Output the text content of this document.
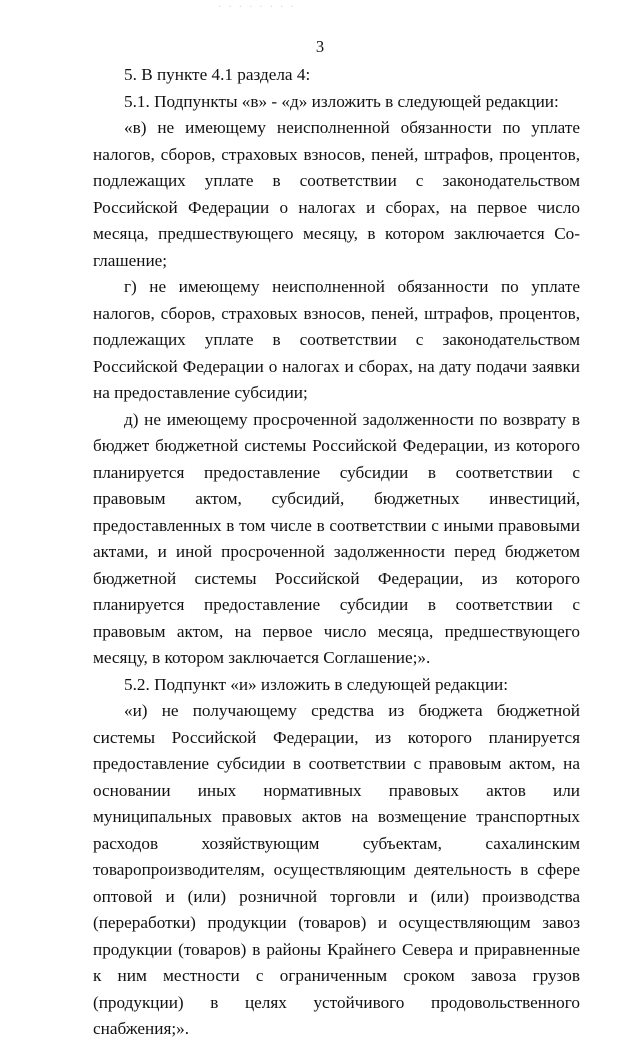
· · · · · · · ·
3

5. В пункте 4.1 раздела 4:

5.1. Подпункты «в» - «д» изложить в следующей редакции:

«в) не имеющему неисполненной обязанности по уплате налогов, сборов, страховых взносов, пеней, штрафов, процентов, подлежащих уплате в соответствии с законодательством Российской Федерации о налогах и сборах, на первое число месяца, предшествующего месяцу, в котором заключается Соглашение;

г) не имеющему неисполненной обязанности по уплате налогов, сборов, страховых взносов, пеней, штрафов, процентов, подлежащих уплате в соответствии с законодательством Российской Федерации о налогах и сборах, на дату подачи заявки на предоставление субсидии;

д) не имеющему просроченной задолженности по возврату в бюджет бюджетной системы Российской Федерации, из которого планируется предоставление субсидии в соответствии с правовым актом, субсидий, бюджетных инвестиций, предоставленных в том числе в соответствии с иными правовыми актами, и иной просроченной задолженности перед бюджетом бюджетной системы Российской Федерации, из которого планируется предоставление субсидии в соответствии с правовым актом, на первое число месяца, предшествующего месяцу, в котором заключается Соглашение;».

5.2. Подпункт «и» изложить в следующей редакции:

«и) не получающему средства из бюджета бюджетной системы Российской Федерации, из которого планируется предоставление субсидии в соответствии с правовым актом, на основании иных нормативных правовых актов или муниципальных правовых актов на возмещение транспортных расходов хозяйствующим субъектам, сахалинским товаропроизводителям, осуществляющим деятельность в сфере оптовой и (или) розничной торговли и (или) производства (переработки) продукции (товаров) и осуществляющим завоз продукции (товаров) в районы Крайнего Севера и приравненные к ним местности с ограниченным сроком завоза грузов (продукции) в целях устойчивого продовольственного снабжения;».
